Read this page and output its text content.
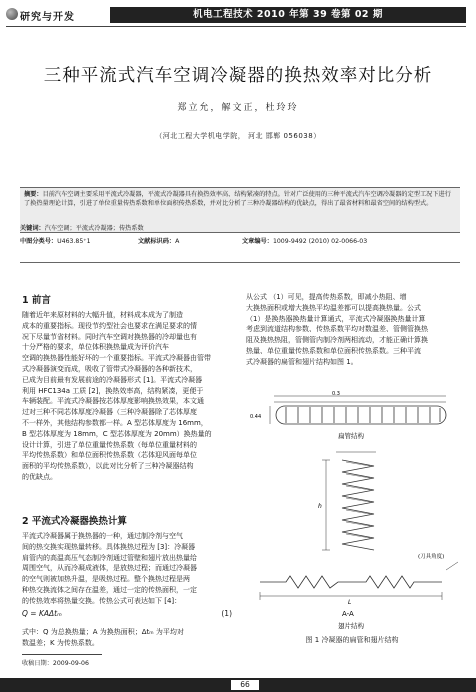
研究与开发	机电工程技术 2010 年第 39 卷第 02 期
三种平流式汽车空调冷凝器的换热效率对比分析
郑立允，解文正，杜玲玲
（河北工程大学机电学院， 河北 邯郸 056038）
摘要：目前汽车空调主要采用平流式冷凝器，平流式冷凝器具有换热效率高、结构紧凑的特点。针对广泛使用的三种平流式汽车空调冷凝器的定型工况下进行了换热量理论计算，引进了单位重量传热系数和单位面积传热系数，并对比分析了三种冷凝器结构的优缺点，得出了最省材料和最省空间的结构型式。
关键词：汽车空调；平流式冷凝器；传热系数
中图分类号：U463.85⁺1	文献标识码：A	文章编号：1009-9492 (2010) 02-0066-03
1 前言
随着近年来原材料的大幅升值，材料成本成为了制造
成本的重要指标。现役节约型社会也要求在满足要求的情
况下尽量节省材料。同时汽车空调对换热器的冷却量也有
十分严格的要求，单位体积换热量成为评价汽车
空调的换热器性能好坏的一个重要指标。平流式冷凝器由管带
式冷凝器演变而成，吸收了管带式冷凝器的各种新技术，
已成为目前最有发展前途的冷凝器形式 [1]。平流式冷凝器
利用 HFC134a 工质 [2]，换热效率高，结构紧凑，更便于
车辆装配。平流式冷凝器按芯体厚度影响换热效果，本文通
过对三种不同芯体厚度冷凝器（三种冷凝器除了芯体厚度
不一样外，其他结构参数都一样。A 型芯体厚度为 16mm，
B 型芯体厚度为 18mm，C 型芯体厚度为 20mm）换热量的
设计计算，引进了单位重量传热系数（每单位重量材料的
平均传热系数）和单位面积传热系数（芯体迎风面每单位
面积的平均传热系数），以此对比分析了三种冷凝器结构
的优缺点。
2 平流式冷凝器换热计算
平流式冷凝器属于换热器的一种，通过制冷剂与空气
间的热交换实现热量转移。具体换热过程为 [3]：冷凝器
肩管内的高温高压气态制冷剂通过管壁和翅片放出热量给
周围空气，从而冷凝成液体，是放热过程；而通过冷凝器
的空气则被加热升温，是吸热过程。整个换热过程是两
种热交换流体之间存在温差，通过一定的传热面积，一定
的传热效率将热量交换。传热公式可表达如下 [4]：
Q = KAΔtₘ	(1)
式中：Q 为总换热量；A 为换热面积；Δtₘ 为平均对
数温差；K 为传热系数。
收稿日期：2009-09-06
从公式 （1）可见，提高传热系数，即减小热阻、增
大换热面积或增大换热平均温差都可以提高换热量。公式
（1）是换热器换热量计算通式，平流式冷凝器换热量计算
考虑到流道结构参数、传热系数平均对数温差、管侧管换热
阻及换热热阻，管侧管内制冷剂两相流动，才能正确计算换
热量、单位重量传热系数和单位面积传热系数。三种平流
式冷凝器的扁管和翅片结构如图 1。
0.3
0.44
扁管结构
h
(刀具角度)
L
A-A
翅片结构
图 1 冷凝器的扁管和翅片结构
66
